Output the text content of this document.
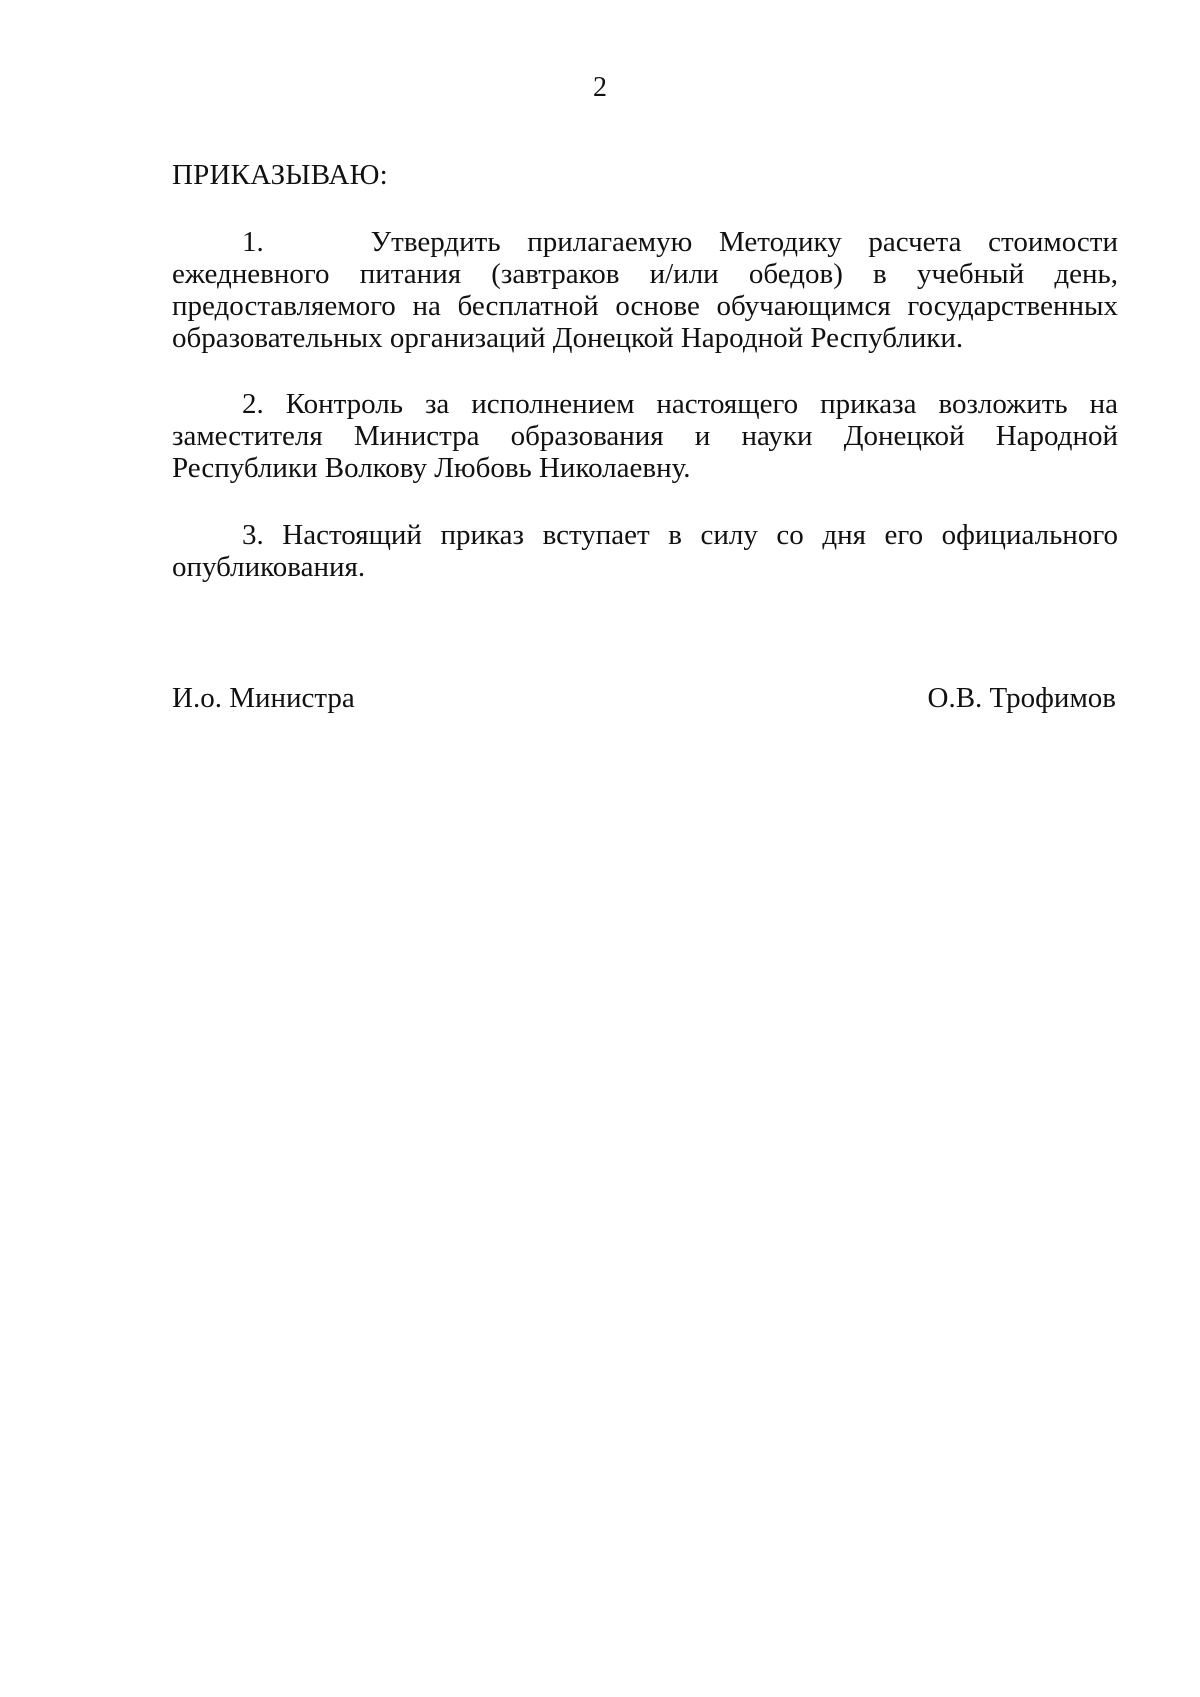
2
ПРИКАЗЫВАЮ:

1.    Утвердить прилагаемую Методику расчета стоимости ежедневного питания (завтраков и/или обедов) в учебный день, предоставляемого на бесплатной основе обучающимся государственных образовательных организаций Донецкой Народной Республики.

2. Контроль за исполнением настоящего приказа возложить на заместителя Министра образования и науки Донецкой Народной Республики Волкову Любовь Николаевну.

3. Настоящий приказ вступает в силу со дня его официального опубликования.

И.о. Министра	О.В. Трофимов
